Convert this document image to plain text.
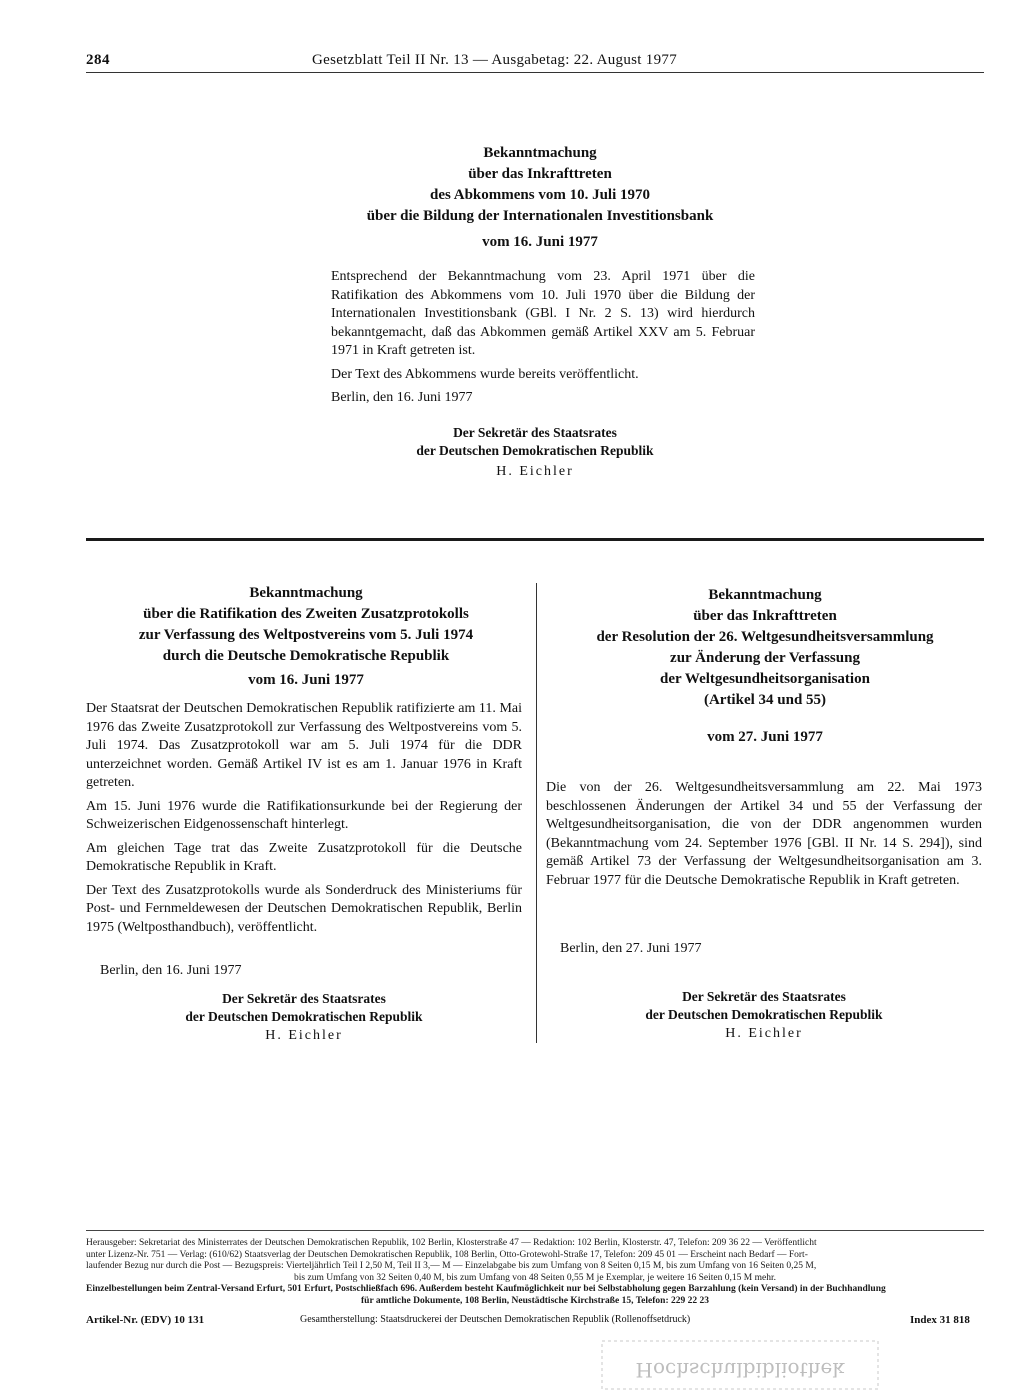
284	Gesetzblatt Teil II Nr. 13 — Ausgabetag: 22. August 1977
Bekanntmachung
über das Inkrafttreten
des Abkommens vom 10. Juli 1970
über die Bildung der Internationalen Investitionsbank
vom 16. Juni 1977

Entsprechend der Bekanntmachung vom 23. April 1971 über die Ratifikation des Abkommens vom 10. Juli 1970 über die Bildung der Internationalen Investitionsbank (GBl. I Nr. 2 S. 13) wird hierdurch bekanntgemacht, daß das Abkommen gemäß Artikel XXV am 5. Februar 1971 in Kraft getreten ist.

Der Text des Abkommens wurde bereits veröffentlicht.

Berlin, den 16. Juni 1977
Der Sekretär des Staatsrates
der Deutschen Demokratischen Republik
H. Eichler
Bekanntmachung
über die Ratifikation des Zweiten Zusatzprotokolls
zur Verfassung des Weltpostvereins vom 5. Juli 1974
durch die Deutsche Demokratische Republik
vom 16. Juni 1977

Der Staatsrat der Deutschen Demokratischen Republik ratifizierte am 11. Mai 1976 das Zweite Zusatzprotokoll zur Verfassung des Weltpostvereins vom 5. Juli 1974. Das Zusatzprotokoll war am 5. Juli 1974 für die DDR unterzeichnet worden. Gemäß Artikel IV ist es am 1. Januar 1976 in Kraft getreten.

Am 15. Juni 1976 wurde die Ratifikationsurkunde bei der Regierung der Schweizerischen Eidgenossenschaft hinterlegt.

Am gleichen Tage trat das Zweite Zusatzprotokoll für die Deutsche Demokratische Republik in Kraft.

Der Text des Zusatzprotokolls wurde als Sonderdruck des Ministeriums für Post- und Fernmeldewesen der Deutschen Demokratischen Republik, Berlin 1975 (Weltposthandbuch), veröffentlicht.

Berlin, den 16. Juni 1977
Der Sekretär des Staatsrates
der Deutschen Demokratischen Republik
H. Eichler
Bekanntmachung
über das Inkrafttreten
der Resolution der 26. Weltgesundheitsversammlung
zur Änderung der Verfassung
der Weltgesundheitsorganisation
(Artikel 34 und 55)
vom 27. Juni 1977

Die von der 26. Weltgesundheitsversammlung am 22. Mai 1973 beschlossenen Änderungen der Artikel 34 und 55 der Verfassung der Weltgesundheitsorganisation, die von der DDR angenommen wurden (Bekanntmachung vom 24. September 1976 [GBl. II Nr. 14 S. 294]), sind gemäß Artikel 73 der Verfassung der Weltgesundheitsorganisation am 3. Februar 1977 für die Deutsche Demokratische Republik in Kraft getreten.

Berlin, den 27. Juni 1977
Der Sekretär des Staatsrates
der Deutschen Demokratischen Republik
H. Eichler
Herausgeber: Sekretariat des Ministerrates der Deutschen Demokratischen Republik, 102 Berlin, Klosterstraße 47 — Redaktion: 102 Berlin, Klosterstr. 47, Telefon: 209 36 22 — Veröffentlicht
unter Lizenz-Nr. 751 — Verlag: (610/62) Staatsverlag der Deutschen Demokratischen Republik, 108 Berlin, Otto-Grotewohl-Straße 17, Telefon: 209 45 01 — Erscheint nach Bedarf — Fort-
laufender Bezug nur durch die Post — Bezugspreis: Vierteljährlich Teil I 2,50 M, Teil II 3,— M — Einzelabgabe bis zum Umfang von 8 Seiten 0,15 M, bis zum Umfang von 16 Seiten 0,25 M,
bis zum Umfang von 32 Seiten 0,40 M, bis zum Umfang von 48 Seiten 0,55 M je Exemplar, je weitere 16 Seiten 0,15 M mehr.
Einzelbestellungen beim Zentral-Versand Erfurt, 501 Erfurt, Postschließfach 696. Außerdem besteht Kaufmöglichkeit nur bei Selbstabholung gegen Barzahlung (kein Versand) in der Buchhandlung
für amtliche Dokumente, 108 Berlin, Neustädtische Kirchstraße 15, Telefon: 229 22 23
Artikel-Nr. (EDV) 10 131	Gesamtherstellung: Staatsdruckerei der Deutschen Demokratischen Republik (Rollenoffsetdruck)	Index 31 818
Hochschulbibliothek
